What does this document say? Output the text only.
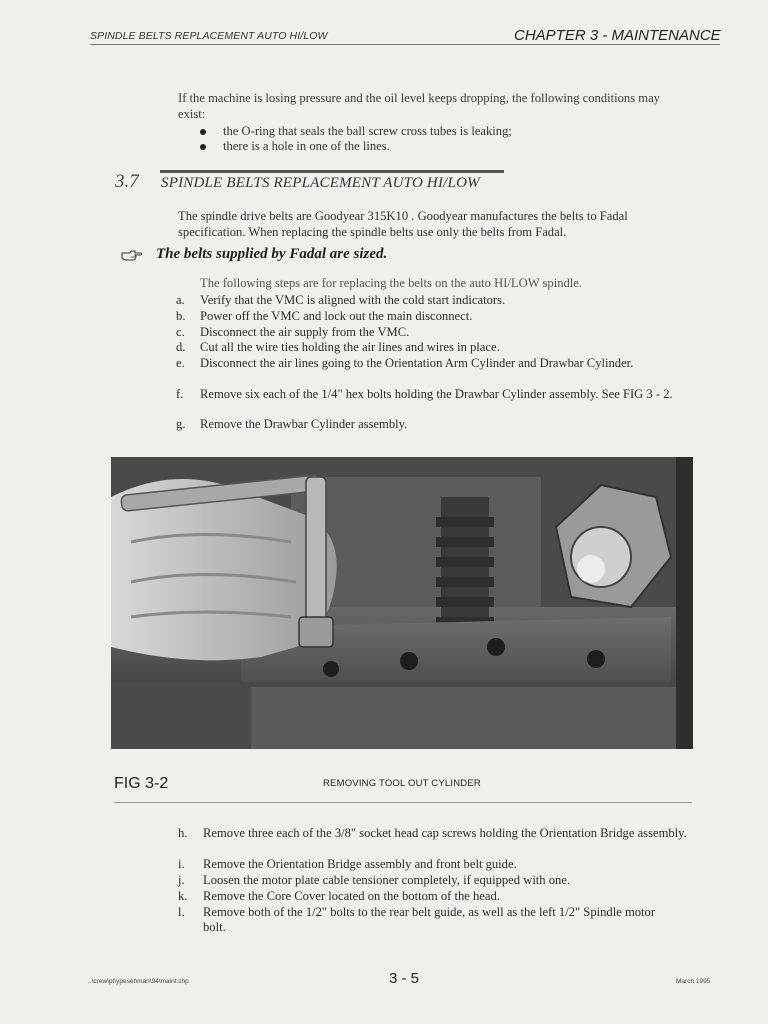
SPINDLE BELTS REPLACEMENT AUTO HI/LOW	CHAPTER 3 - MAINTENANCE
If the machine is losing pressure and the oil level keeps dropping, the following conditions may exist:
the O-ring that seals the ball screw cross tubes is leaking;
there is a hole in one of the lines.
3.7 SPINDLE BELTS REPLACEMENT AUTO HI/LOW
The spindle drive belts are Goodyear 315K10 . Goodyear manufactures the belts to Fadal specification. When replacing the spindle belts use only the belts from Fadal.
The belts supplied by Fadal are sized.
The following steps are for replacing the belts on the auto HI/LOW spindle.
a. Verify that the VMC is aligned with the cold start indicators.
b. Power off the VMC and lock out the main disconnect.
c. Disconnect the air supply from the VMC.
d. Cut all the wire ties holding the air lines and wires in place.
e. Disconnect the air lines going to the Orientation Arm Cylinder and Drawbar Cylinder.
f. Remove six each of the 1/4" hex bolts holding the Drawbar Cylinder assembly. See FIG 3 - 2.
g. Remove the Drawbar Cylinder assembly.
FIG 3-2	REMOVING TOOL OUT CYLINDER
h. Remove three each of the 3/8" socket head cap screws holding the Orientation Bridge assembly.
i. Remove the Orientation Bridge assembly and front belt guide.
j. Loosen the motor plate cable tensioner completely, if equipped with one.
k. Remove the Core Cover located on the bottom of the head.
l. Remove both of the 1/2" bolts to the rear belt guide, as well as the left 1/2" Spindle motor bolt.
..\crew\pt\ypeset\man\94\maint.chp	3 - 5	March 1995
